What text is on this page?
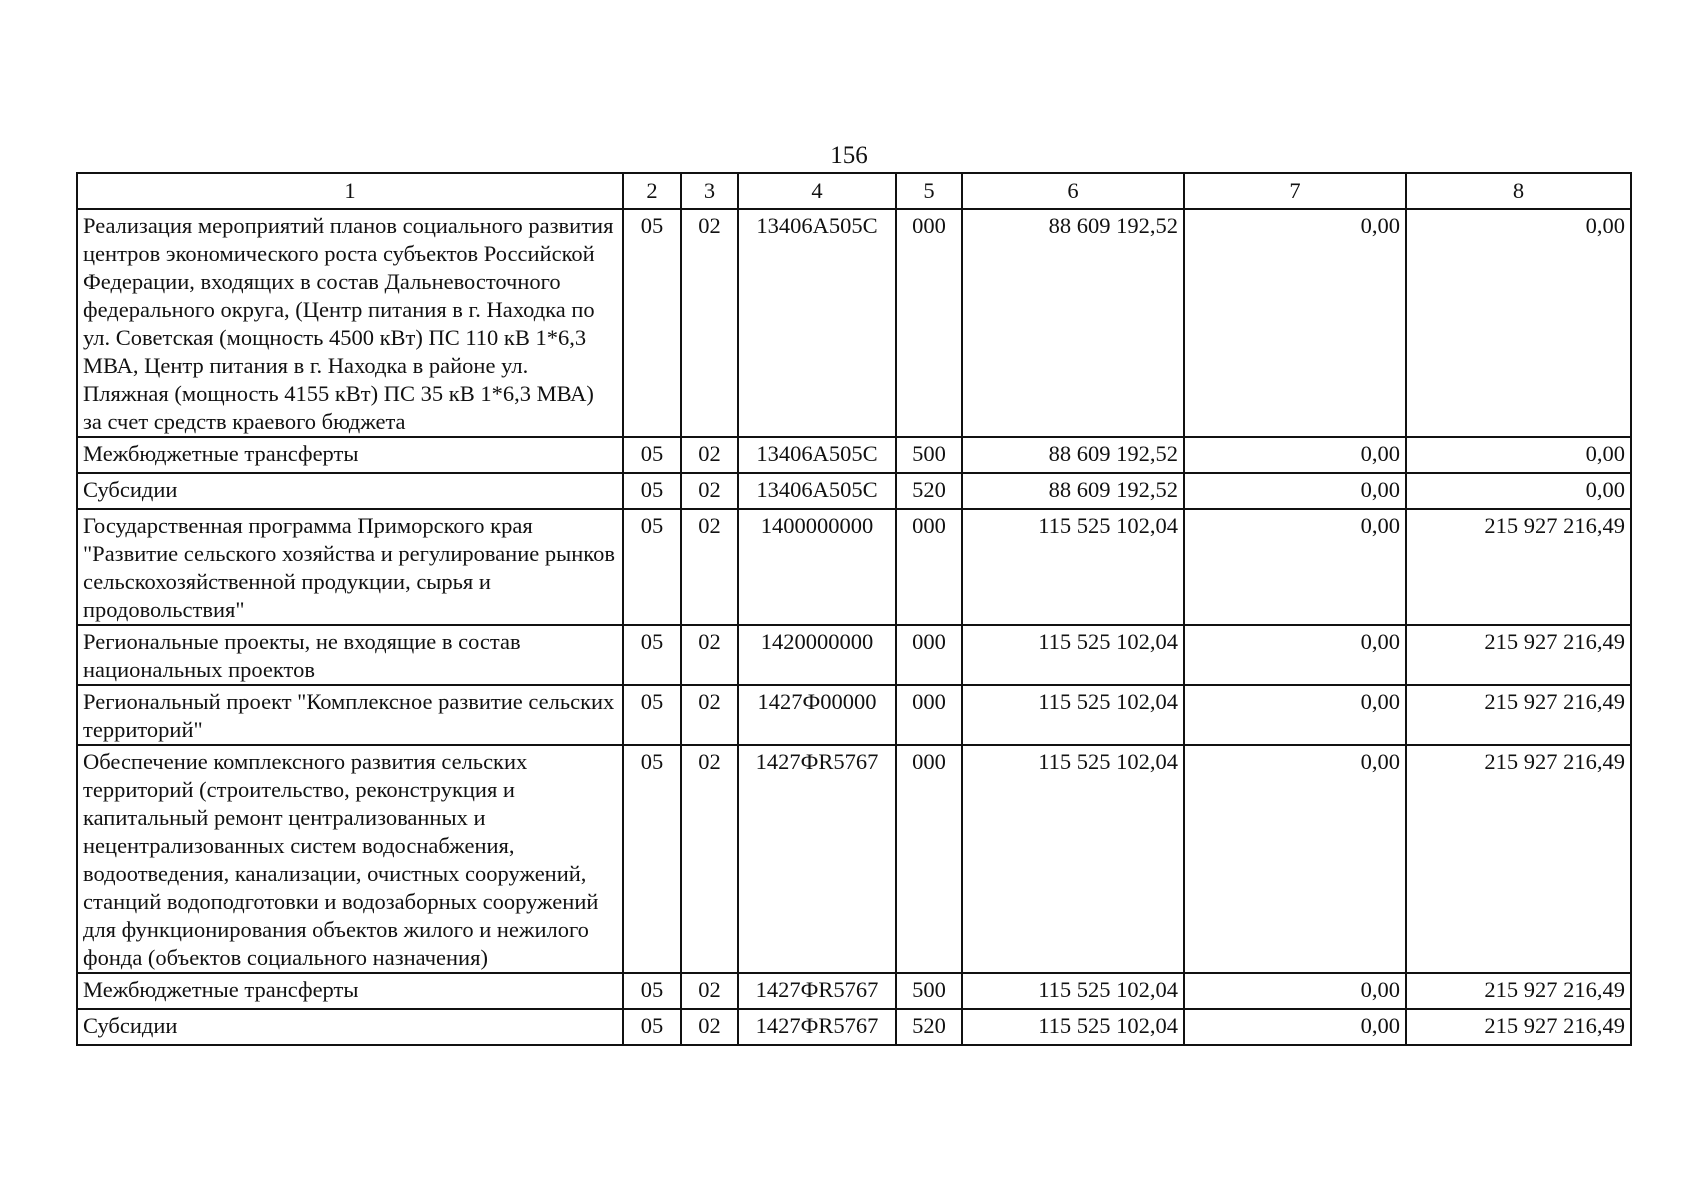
156
1	2	3	4	5	6	7	8
Реализация мероприятий планов социального развития центров экономического роста субъектов Российской Федерации, входящих в состав Дальневосточного федерального округа, (Центр питания в г. Находка по ул. Советская (мощность 4500 кВт) ПС 110 кВ 1*6,3 МВА, Центр питания в г. Находка в районе ул. Пляжная (мощность 4155 кВт) ПС 35 кВ 1*6,3 МВА) за счет средств краевого бюджета	05	02	13406А505С	000	88 609 192,52	0,00	0,00
Межбюджетные трансферты	05	02	13406А505С	500	88 609 192,52	0,00	0,00
Субсидии	05	02	13406А505С	520	88 609 192,52	0,00	0,00
Государственная программа Приморского края "Развитие сельского хозяйства и регулирование рынков сельскохозяйственной продукции, сырья и продовольствия"	05	02	1400000000	000	115 525 102,04	0,00	215 927 216,49
Региональные проекты, не входящие в состав национальных проектов	05	02	1420000000	000	115 525 102,04	0,00	215 927 216,49
Региональный проект "Комплексное развитие сельских территорий"	05	02	1427Ф00000	000	115 525 102,04	0,00	215 927 216,49
Обеспечение комплексного развития сельских территорий (строительство, реконструкция и капитальный ремонт централизованных и нецентрализованных систем водоснабжения, водоотведения, канализации, очистных сооружений, станций водоподготовки и водозаборных сооружений для функционирования объектов жилого и нежилого фонда (объектов социального назначения)	05	02	1427ФR5767	000	115 525 102,04	0,00	215 927 216,49
Межбюджетные трансферты	05	02	1427ФR5767	500	115 525 102,04	0,00	215 927 216,49
Субсидии	05	02	1427ФR5767	520	115 525 102,04	0,00	215 927 216,49
